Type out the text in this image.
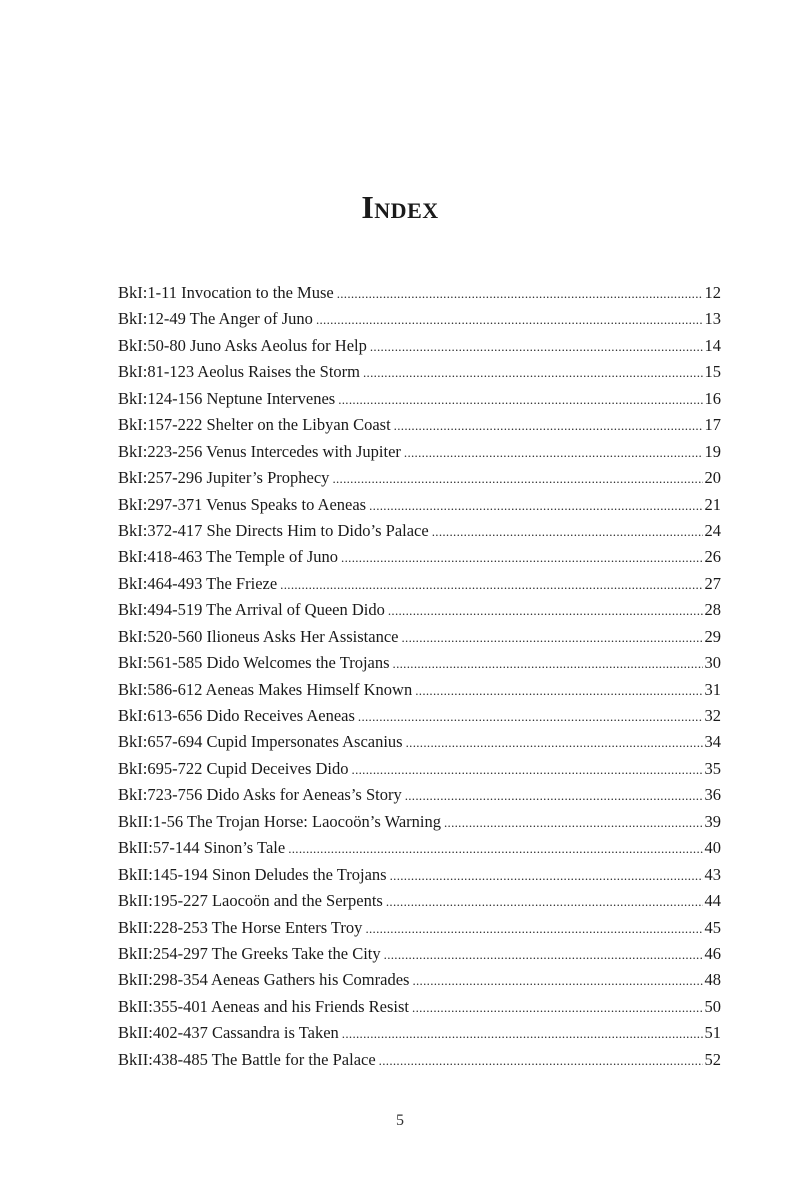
Index
BkI:1-11 Invocation to the Muse .....	12
BkI:12-49 The Anger of Juno .....	13
BkI:50-80 Juno Asks Aeolus for Help .....	14
BkI:81-123 Aeolus Raises the Storm .....	15
BkI:124-156 Neptune Intervenes .....	16
BkI:157-222 Shelter on the Libyan Coast .....	17
BkI:223-256 Venus Intercedes with Jupiter .....	19
BkI:257-296 Jupiter’s Prophecy .....	20
BkI:297-371 Venus Speaks to Aeneas .....	21
BkI:372-417 She Directs Him to Dido’s Palace .....	24
BkI:418-463 The Temple of Juno .....	26
BkI:464-493 The Frieze .....	27
BkI:494-519 The Arrival of Queen Dido .....	28
BkI:520-560 Ilioneus Asks Her Assistance .....	29
BkI:561-585 Dido Welcomes the Trojans .....	30
BkI:586-612 Aeneas Makes Himself Known .....	31
BkI:613-656 Dido Receives Aeneas .....	32
BkI:657-694 Cupid Impersonates Ascanius .....	34
BkI:695-722 Cupid Deceives Dido .....	35
BkI:723-756 Dido Asks for Aeneas’s Story .....	36
BkII:1-56 The Trojan Horse: Laocoön’s Warning .....	39
BkII:57-144 Sinon’s Tale .....	40
BkII:145-194 Sinon Deludes the Trojans .....	43
BkII:195-227 Laocoön and the Serpents .....	44
BkII:228-253 The Horse Enters Troy .....	45
BkII:254-297 The Greeks Take the City .....	46
BkII:298-354 Aeneas Gathers his Comrades .....	48
BkII:355-401 Aeneas and his Friends Resist .....	50
BkII:402-437 Cassandra is Taken .....	51
BkII:438-485 The Battle for the Palace .....	52

5
